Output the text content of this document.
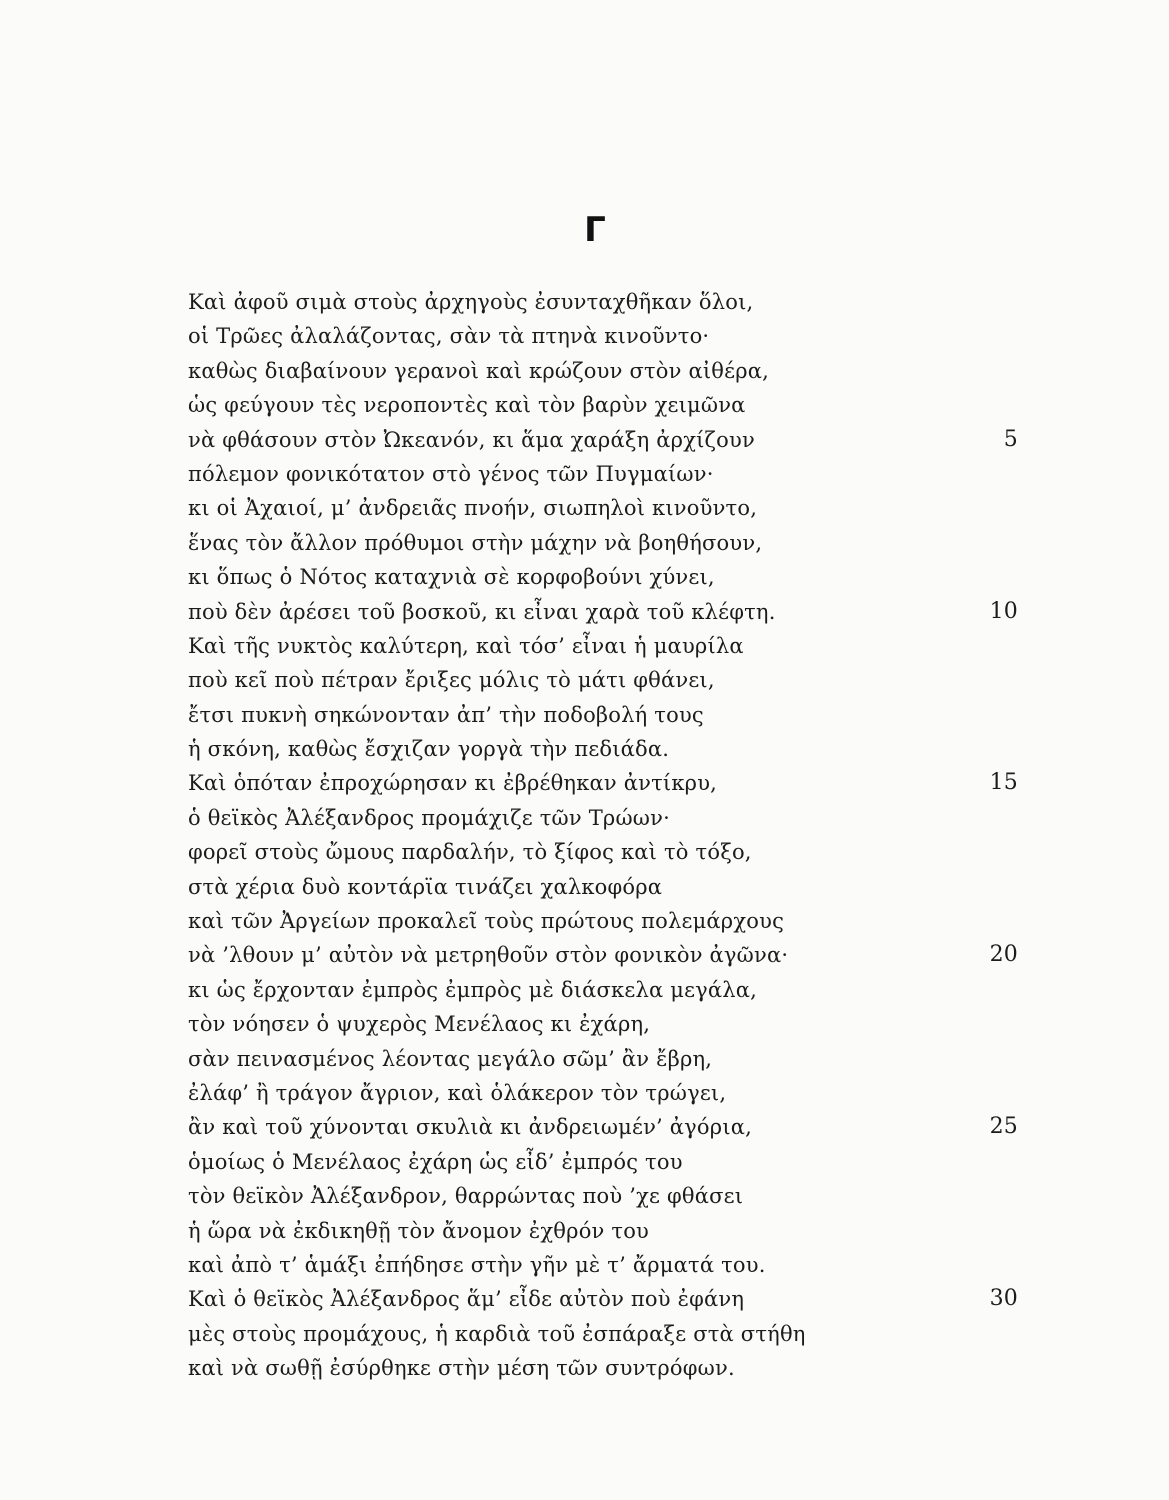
Γ
Καὶ ἀφοῦ σιμὰ στοὺς ἀρχηγοὺς ἐσυνταχθῆκαν ὅλοι,
οἱ Τρῶες ἀλαλάζοντας, σὰν τὰ πτηνὰ κινοῦντο·
καθὼς διαβαίνουν γερανοὶ καὶ κρώζουν στὸν αἰθέρα,
ὡς φεύγουν τὲς νεροποντὲς καὶ τὸν βαρὺν χειμῶνα
νὰ φθάσουν στὸν Ὠκεανόν, κι ἅμα χαράξη ἀρχίζουν	5
πόλεμον φονικότατον στὸ γένος τῶν Πυγμαίων·
κι οἱ Ἀχαιοί, μ’ ἀνδρειᾶς πνοήν, σιωπηλοὶ κινοῦντο,
ἕνας τὸν ἄλλον πρόθυμοι στὴν μάχην νὰ βοηθήσουν,
κι ὅπως ὁ Νότος καταχνιὰ σὲ κορφοβούνι χύνει,
ποὺ δὲν ἀρέσει τοῦ βοσκοῦ, κι εἶναι χαρὰ τοῦ κλέφτη.	10
Καὶ τῆς νυκτὸς καλύτερη, καὶ τόσ’ εἶναι ἡ μαυρίλα
ποὺ κεῖ ποὺ πέτραν ἔριξες μόλις τὸ μάτι φθάνει,
ἔτσι πυκνὴ σηκώνονταν ἀπ’ τὴν ποδοβολή τους
ἡ σκόνη, καθὼς ἔσχιζαν γοργὰ τὴν πεδιάδα.
Καὶ ὁπόταν ἐπροχώρησαν κι ἐβρέθηκαν ἀντίκρυ,	15
ὁ θεϊκὸς Ἀλέξανδρος προμάχιζε τῶν Τρώων·
φορεῖ στοὺς ὤμους παρδαλήν, τὸ ξίφος καὶ τὸ τόξο,
στὰ χέρια δυὸ κοντάρϊα τινάζει χαλκοφόρα
καὶ τῶν Ἀργείων προκαλεῖ τοὺς πρώτους πολεμάρχους
νὰ ’λθουν μ’ αὐτὸν νὰ μετρηθοῦν στὸν φονικὸν ἀγῶνα·	20
κι ὡς ἔρχονταν ἐμπρὸς ἐμπρὸς μὲ διάσκελα μεγάλα,
τὸν νόησεν ὁ ψυχερὸς Μενέλαος κι ἐχάρη,
σὰν πεινασμένος λέοντας μεγάλο σῶμ’ ἂν ἔβρη,
ἐλάφ’ ἢ τράγον ἄγριον, καὶ ὁλάκερον τὸν τρώγει,
ἂν καὶ τοῦ χύνονται σκυλιὰ κι ἀνδρειωμέν’ ἀγόρια,	25
ὁμοίως ὁ Μενέλαος ἐχάρη ὡς εἶδ’ ἐμπρός του
τὸν θεϊκὸν Ἀλέξανδρον, θαρρώντας ποὺ ’χε φθάσει
ἡ ὥρα νὰ ἐκδικηθῇ τὸν ἄνομον ἐχθρόν του
καὶ ἀπὸ τ’ ἁμάξι ἐπήδησε στὴν γῆν μὲ τ’ ἄρματά του.
Καὶ ὁ θεϊκὸς Ἀλέξανδρος ἅμ’ εἶδε αὐτὸν ποὺ ἐφάνη	30
μὲς στοὺς προμάχους, ἡ καρδιὰ τοῦ ἐσπάραξε στὰ στήθη
καὶ νὰ σωθῇ ἐσύρθηκε στὴν μέση τῶν συντρόφων.
